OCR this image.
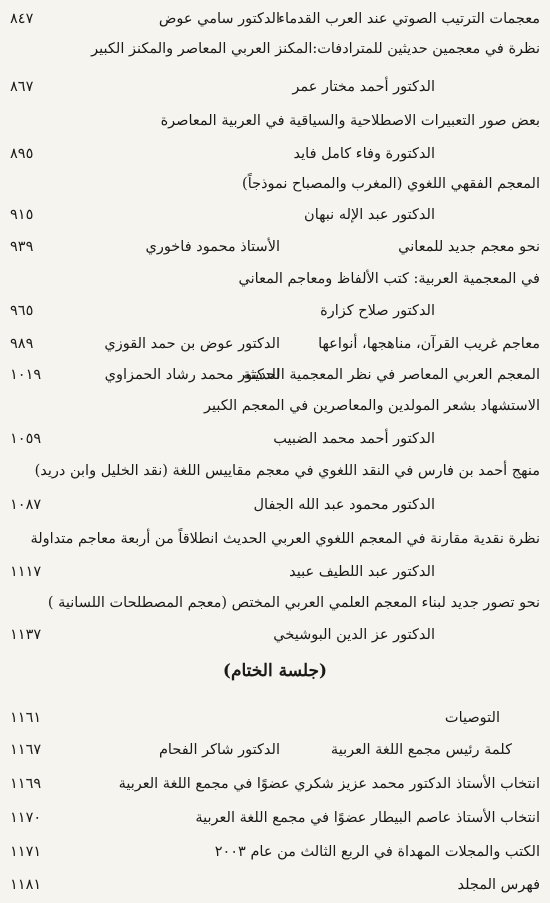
معجمات الترتيب الصوتي عند العرب القدماء
الدكتور سامي عوض
٨٤٧
نظرة في معجمين حديثين للمترادفات:المكنز العربي المعاصر والمكنز الكبير
الدكتور أحمد مختار عمر
٨٦٧
بعض صور التعبيرات الاصطلاحية والسياقية في العربية المعاصرة
الدكتورة وفاء كامل فايد
٨٩٥
المعجم الفقهي اللغوي (المغرب والمصباح نموذجاً)
الدكتور عبد الإله نبهان
٩١٥
نحو معجم جديد للمعاني
الأستاذ محمود فاخوري
٩٣٩
في المعجمية العربية: كتب الألفاظ ومعاجم المعاني
الدكتور صلاح كزارة
٩٦٥
معاجم غريب القرآن، مناهجها، أنواعها
الدكتور عوض بن حمد القوزي
٩٨٩
المعجم العربي المعاصر في نظر المعجمية الحديثة
الدكتور محمد رشاد الحمزاوي
١٠١٩
الاستشهاد بشعر المولدين والمعاصرين في المعجم الكبير
الدكتور أحمد محمد الضبيب
١٠٥٩
منهج أحمد بن فارس في النقد اللغوي في معجم مقاييس اللغة (نقد الخليل وابن دريد)
الدكتور محمود عبد الله الجفال
١٠٨٧
نظرة نقدية مقارنة في المعجم اللغوي العربي الحديث انطلاقاً من أربعة معاجم متداولة
الدكتور عبد اللطيف عبيد
١١١٧
نحو تصور جديد لبناء المعجم العلمي العربي المختص (معجم المصطلحات اللسانية )
الدكتور عز الدين البوشيخي
١١٣٧
(جلسة الختام)
التوصيات
١١٦١
كلمة رئيس مجمع اللغة العربية
الدكتور شاكر الفحام
١١٦٧
انتخاب الأستاذ الدكتور محمد عزيز شكري عضوًا في مجمع اللغة العربية
١١٦٩
انتخاب الأستاذ عاصم البيطار عضوًا في مجمع اللغة العربية
١١٧٠
الكتب والمجلات المهداة في الربع الثالث من عام ٢٠٠٣
١١٧١
فهرس المجلد
١١٨١
